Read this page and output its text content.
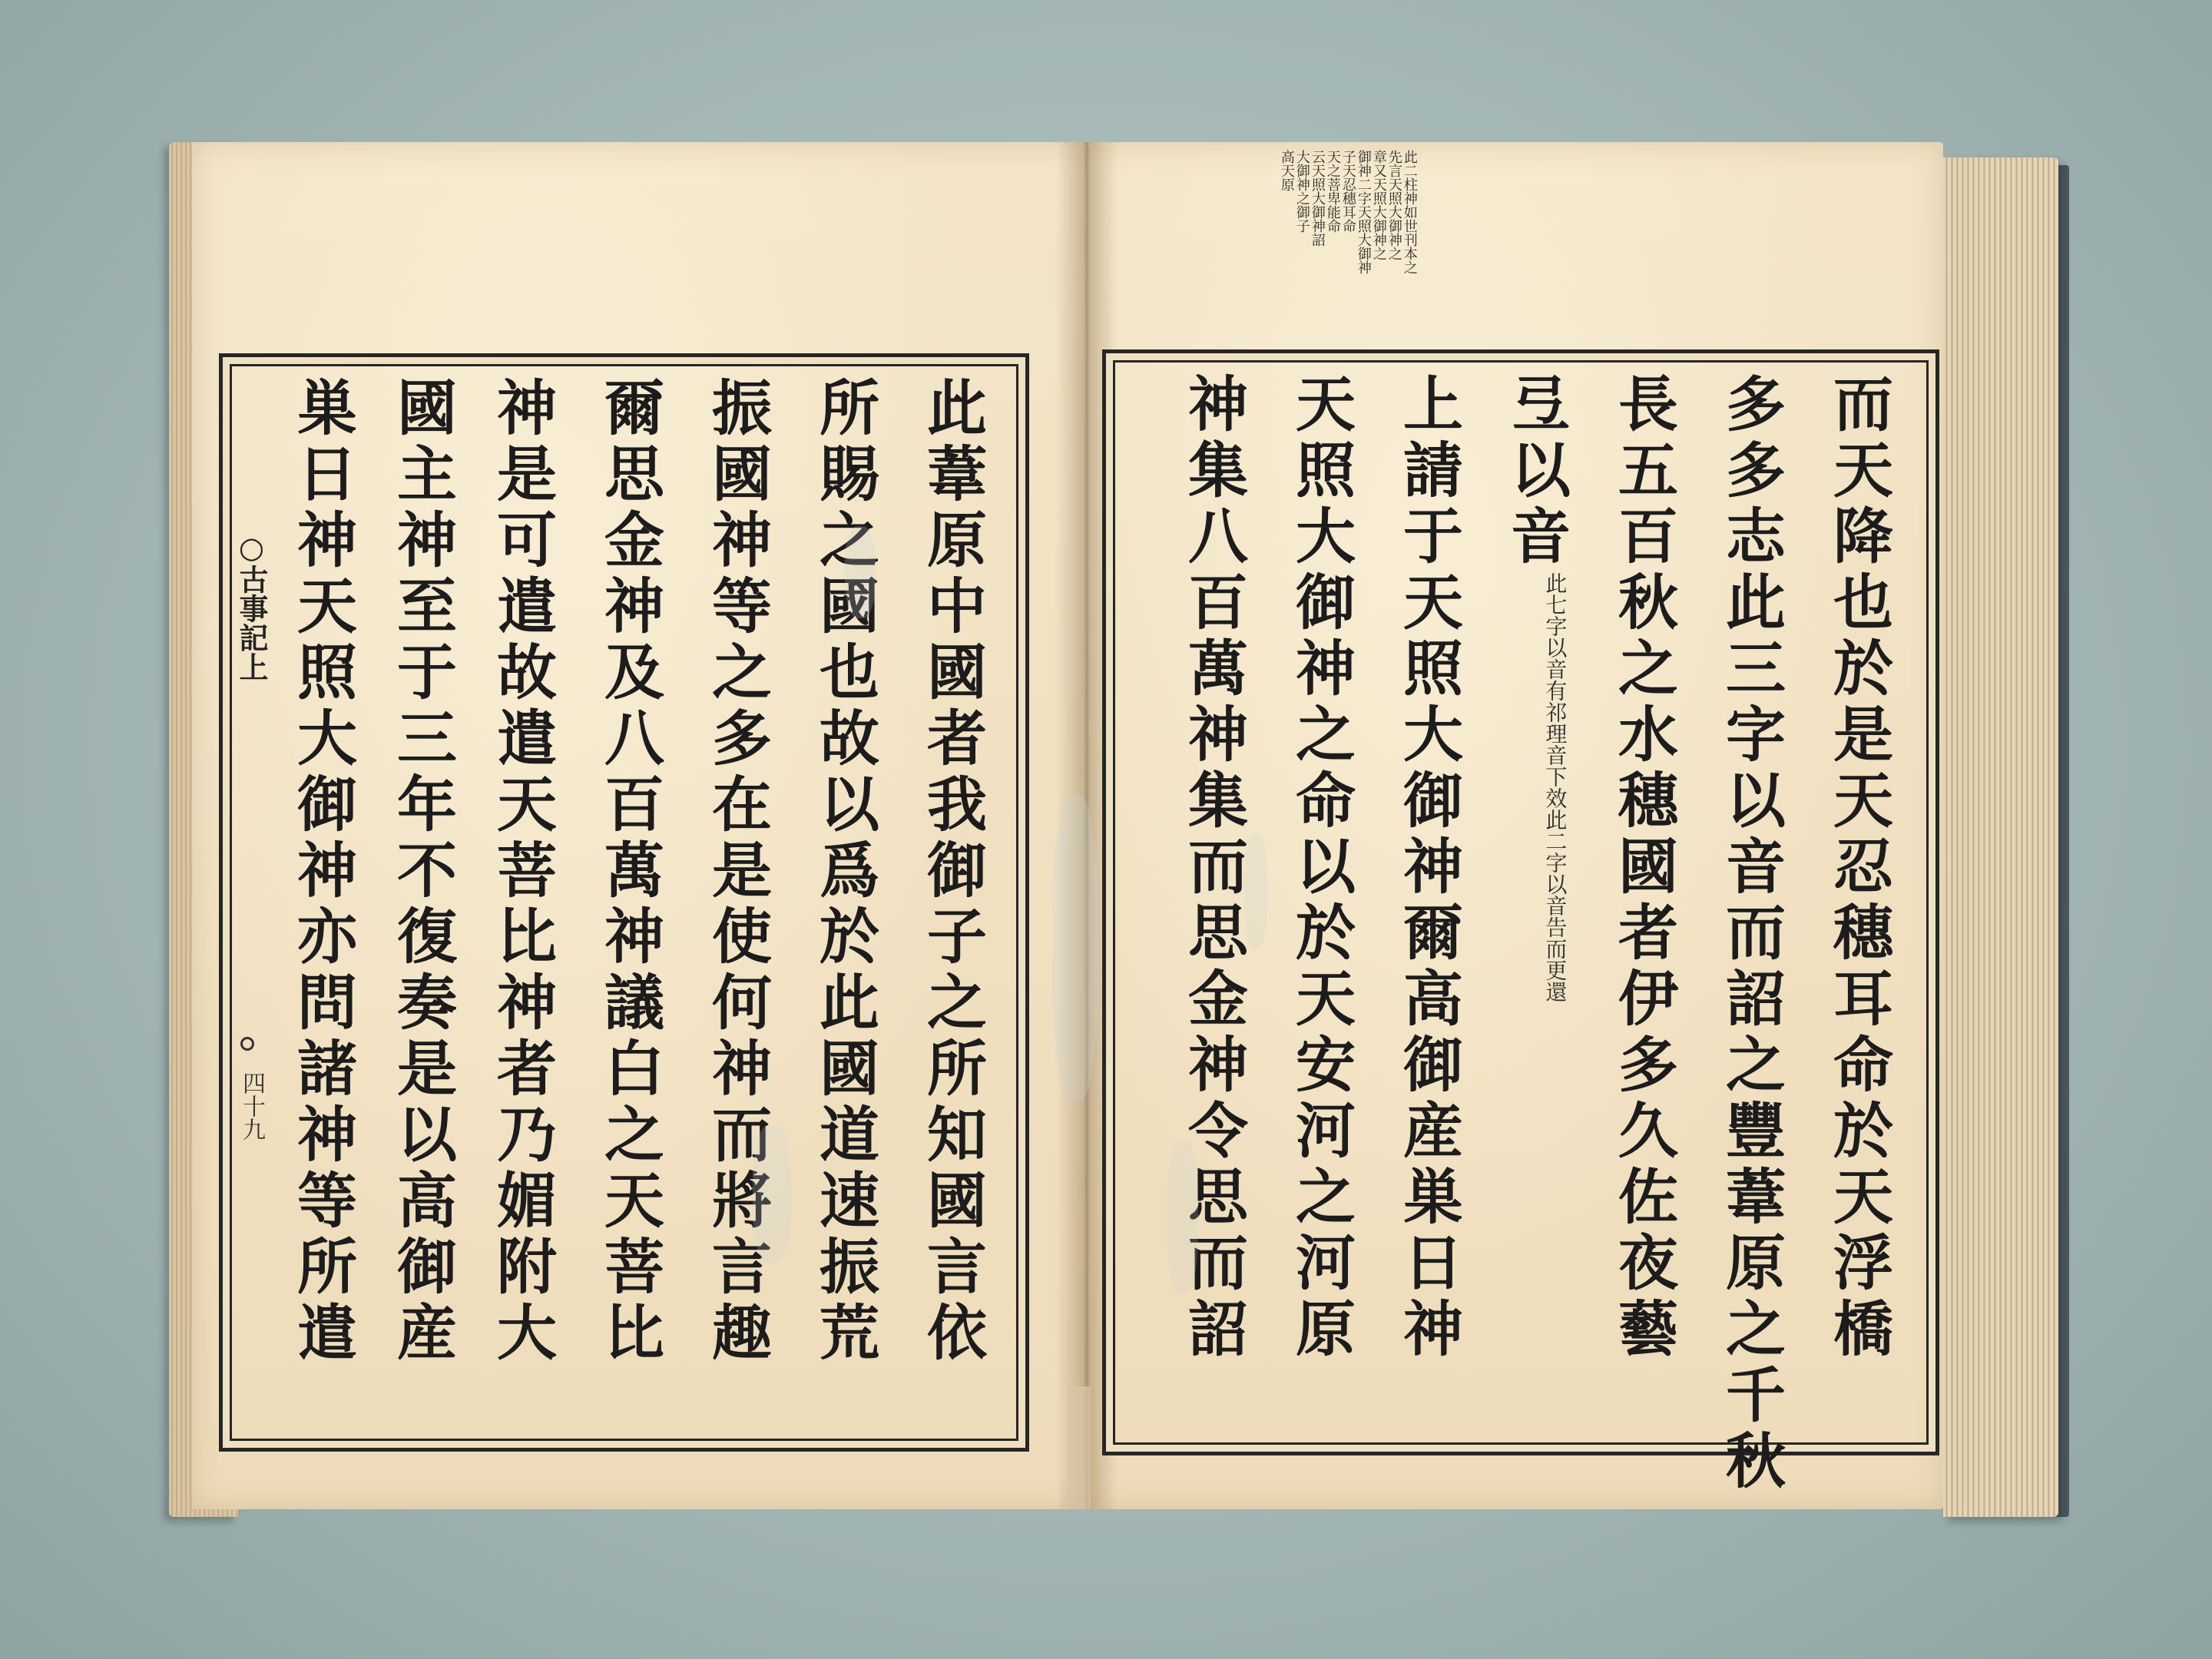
此葦原中國者我御子之所知國言依
所賜之國也故以爲於此國道速振荒
振國神等之多在是使何神而將言趣
爾思金神及八百萬神議白之天菩比
神是可遣故遣天菩比神者乃媚附大
國主神至于三年不復奏是以高御産
巣日神天照大御神亦問諸神等所遣
○古事記上
四十九	而天降也於是天忍穗耳命於天浮橋
多多志此三字以音而詔之豐葦原之千秋
長五百秋之水穗國者伊多久佐夜藝
弖以音
此七字以音有祁理音下效此二字以音告而更還
上請于天照大御神爾高御産巣日神
天照大御神之命以於天安河之河原
神集八百萬神集而思金神令思而詔
此二柱神如世刊本之
先言天照大御神之
章又天照大御神之
御神二字天照大御神
子天忍穗耳命
天之菩卑能命
云天照大御神詔
大御神之御子
高天原
